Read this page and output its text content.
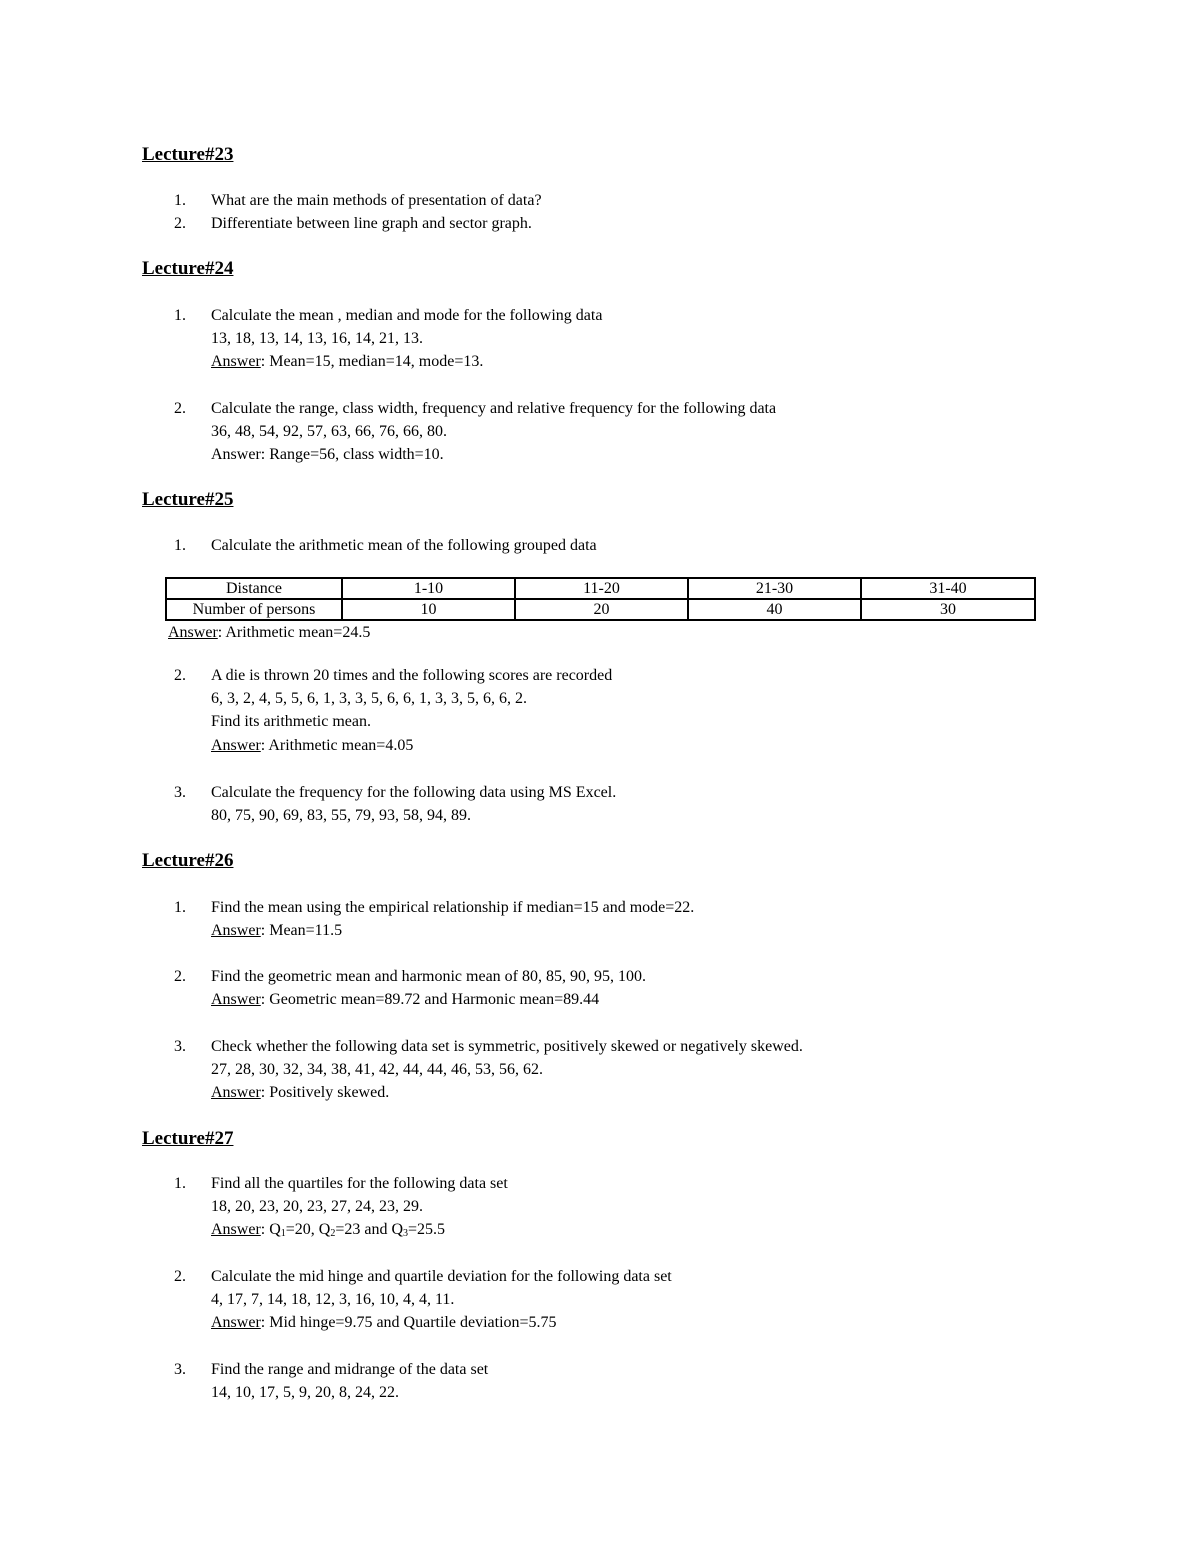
Lecture#23
1. What are the main methods of presentation of data?
2. Differentiate between line graph and sector graph.
Lecture#24
1. Calculate the mean , median and mode for the following data
13, 18, 13, 14, 13, 16, 14, 21, 13.
Answer: Mean=15, median=14, mode=13.
2. Calculate the range, class width, frequency and relative frequency for the following data
36, 48, 54, 92, 57, 63, 66, 76, 66, 80.
Answer: Range=56, class width=10.
Lecture#25
1. Calculate the arithmetic mean of the following grouped data
Distance	1-10	11-20	21-30	31-40
Number of persons	10	20	40	30
Answer: Arithmetic mean=24.5
2. A die is thrown 20 times and the following scores are recorded
6, 3, 2, 4, 5, 5, 6, 1, 3, 3, 5, 6, 6, 1, 3, 3, 5, 6, 6, 2.
Find its arithmetic mean.
Answer: Arithmetic mean=4.05
3. Calculate the frequency for the following data using MS Excel.
80, 75, 90, 69, 83, 55, 79, 93, 58, 94, 89.
Lecture#26
1. Find the mean using the empirical relationship if median=15 and mode=22.
Answer: Mean=11.5
2. Find the geometric mean and harmonic mean of 80, 85, 90, 95, 100.
Answer: Geometric mean=89.72 and Harmonic mean=89.44
3. Check whether the following data set is symmetric, positively skewed or negatively skewed.
27, 28, 30, 32, 34, 38, 41, 42, 44, 44, 46, 53, 56, 62.
Answer: Positively skewed.
Lecture#27
1. Find all the quartiles for the following data set
18, 20, 23, 20, 23, 27, 24, 23, 29.
Answer: $Q_1=20$, $Q_2=23$ and $Q_3=25.5$
2. Calculate the mid hinge and quartile deviation for the following data set
4, 17, 7, 14, 18, 12, 3, 16, 10, 4, 4, 11.
Answer: Mid hinge=9.75 and Quartile deviation=5.75
3. Find the range and midrange of the data set
14, 10, 17, 5, 9, 20, 8, 24, 22.
